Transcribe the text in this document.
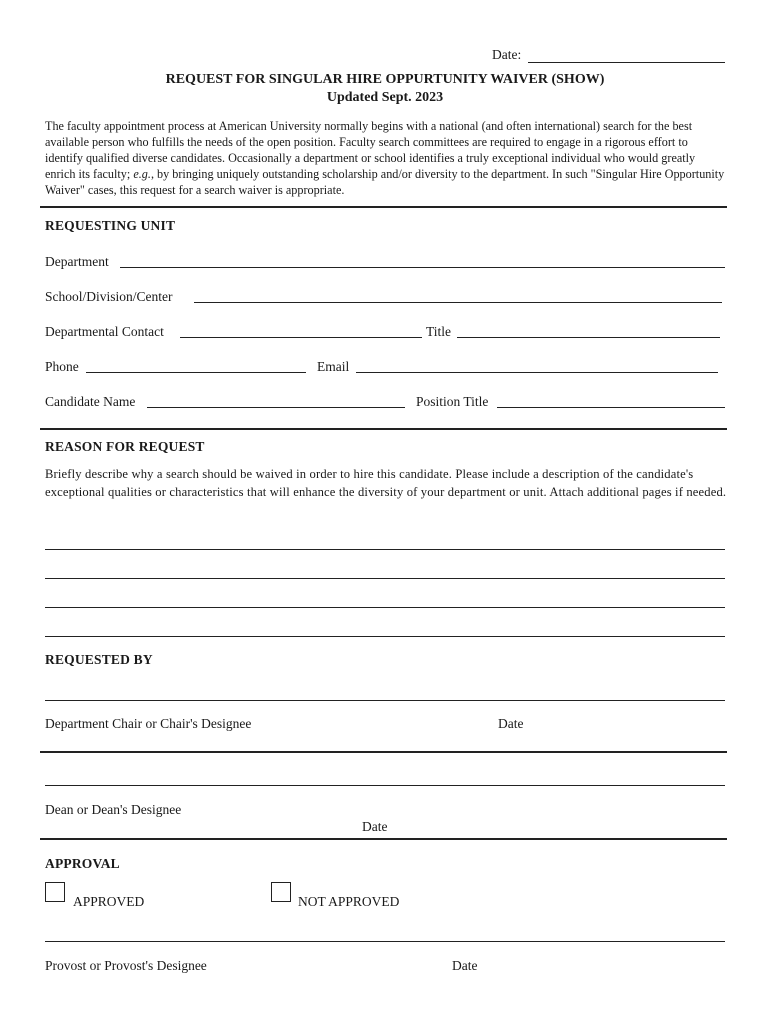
Date:
REQUEST FOR SINGULAR HIRE OPPURTUNITY WAIVER (SHOW)
Updated Sept. 2023

The faculty appointment process at American University normally begins with a national (and often international) search for the best available person who fulfills the needs of the open position. Faculty search committees are required to engage in a rigorous effort to identify qualified diverse candidates. Occasionally a department or school identifies a truly exceptional individual who would greatly enrich its faculty; e.g., by bringing uniquely outstanding scholarship and/or diversity to the department. In such "Singular Hire Opportunity Waiver" cases, this request for a search waiver is appropriate.

REQUESTING UNIT
Department
School/Division/Center
Departmental Contact	Title
Phone	Email
Candidate Name	Position Title
REASON FOR REQUEST

Briefly describe why a search should be waived in order to hire this candidate. Please include a description of the candidate's exceptional qualities or characteristics that will enhance the diversity of your department or unit. Attach additional pages if needed.

REQUESTED BY
Department Chair or Chair's Designee	Date
Dean or Dean's Designee
Date
APPROVAL
APPROVED	NOT APPROVED
Provost or Provost's Designee	Date
